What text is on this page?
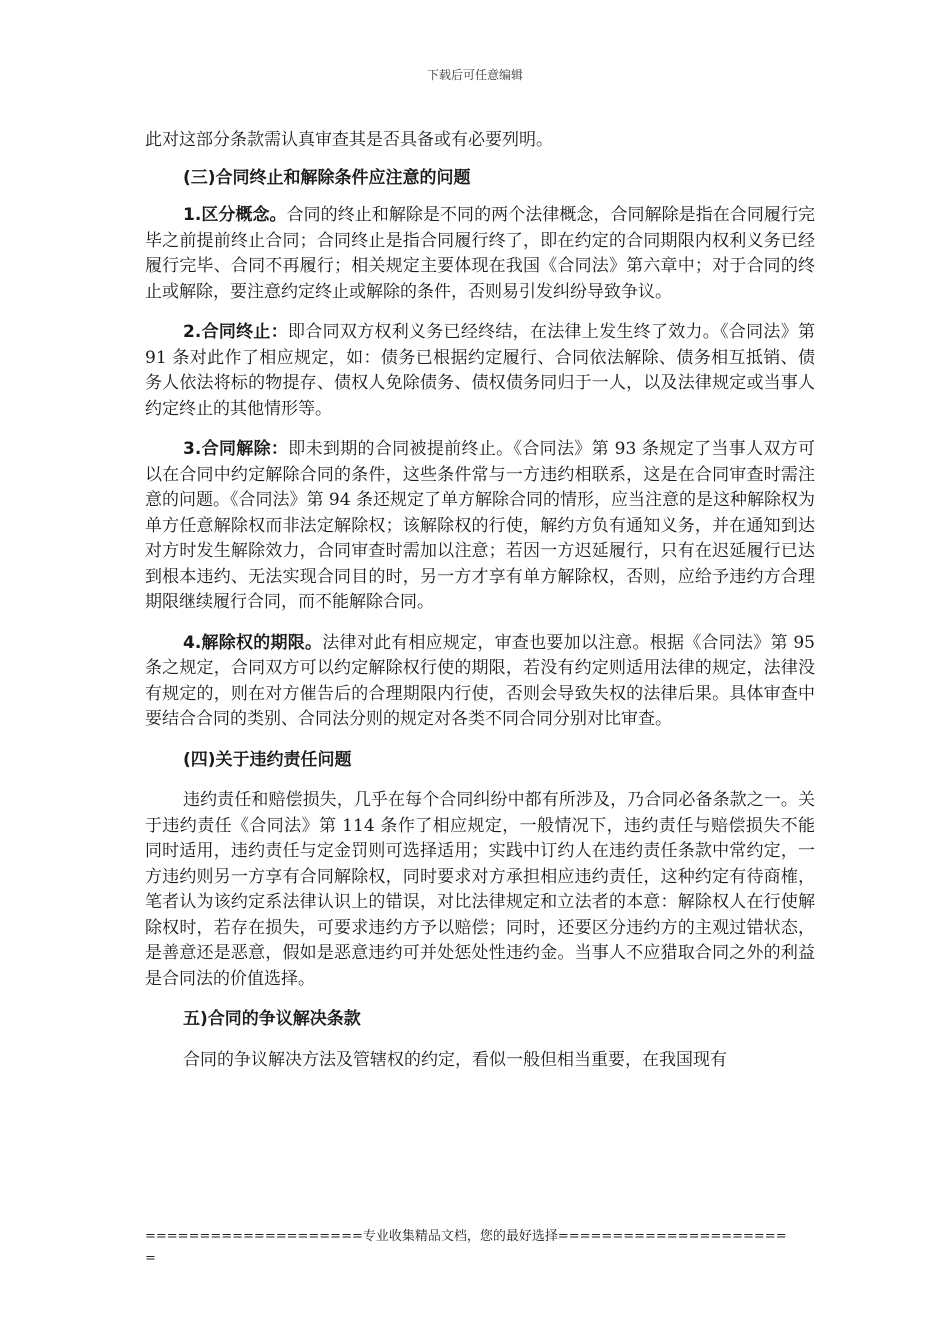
下载后可任意编辑

此对这部分条款需认真审查其是否具备或有必要列明。

(三)合同终止和解除条件应注意的问题

1.区分概念。合同的终止和解除是不同的两个法律概念，合同解除是指在合同履行完毕之前提前终止合同；合同终止是指合同履行终了，即在约定的合同期限内权利义务已经履行完毕、合同不再履行；相关规定主要体现在我国《合同法》第六章中；对于合同的终止或解除，要注意约定终止或解除的条件，否则易引发纠纷导致争议。

2.合同终止：即合同双方权利义务已经终结，在法律上发生终了效力。《合同法》第 91 条对此作了相应规定，如：债务已根据约定履行、合同依法解除、债务相互抵销、债务人依法将标的物提存、债权人免除债务、债权债务同归于一人，以及法律规定或当事人约定终止的其他情形等。

3.合同解除：即未到期的合同被提前终止。《合同法》第 93 条规定了当事人双方可以在合同中约定解除合同的条件，这些条件常与一方违约相联系，这是在合同审查时需注意的问题。《合同法》第 94 条还规定了单方解除合同的情形，应当注意的是这种解除权为单方任意解除权而非法定解除权；该解除权的行使，解约方负有通知义务，并在通知到达对方时发生解除效力，合同审查时需加以注意；若因一方迟延履行，只有在迟延履行已达到根本违约、无法实现合同目的时，另一方才享有单方解除权，否则，应给予违约方合理期限继续履行合同，而不能解除合同。

4.解除权的期限。法律对此有相应规定，审查也要加以注意。根据《合同法》第 95 条之规定，合同双方可以约定解除权行使的期限，若没有约定则适用法律的规定，法律没有规定的，则在对方催告后的合理期限内行使，否则会导致失权的法律后果。具体审查中要结合合同的类别、合同法分则的规定对各类不同合同分别对比审查。

(四)关于违约责任问题

违约责任和赔偿损失，几乎在每个合同纠纷中都有所涉及，乃合同必备条款之一。关于违约责任《合同法》第 114 条作了相应规定，一般情况下，违约责任与赔偿损失不能同时适用，违约责任与定金罚则可选择适用；实践中订约人在违约责任条款中常约定，一方违约则另一方享有合同解除权，同时要求对方承担相应违约责任，这种约定有待商榷，笔者认为该约定系法律认识上的错误，对比法律规定和立法者的本意：解除权人在行使解除权时，若存在损失，可要求违约方予以赔偿；同时，还要区分违约方的主观过错状态，是善意还是恶意，假如是恶意违约可并处惩处性违约金。当事人不应猎取合同之外的利益是合同法的价值选择。

五)合同的争议解决条款

合同的争议解决方法及管辖权的约定，看似一般但相当重要，在我国现有

====================专业收集精品文档，您的最好选择=====================
=
